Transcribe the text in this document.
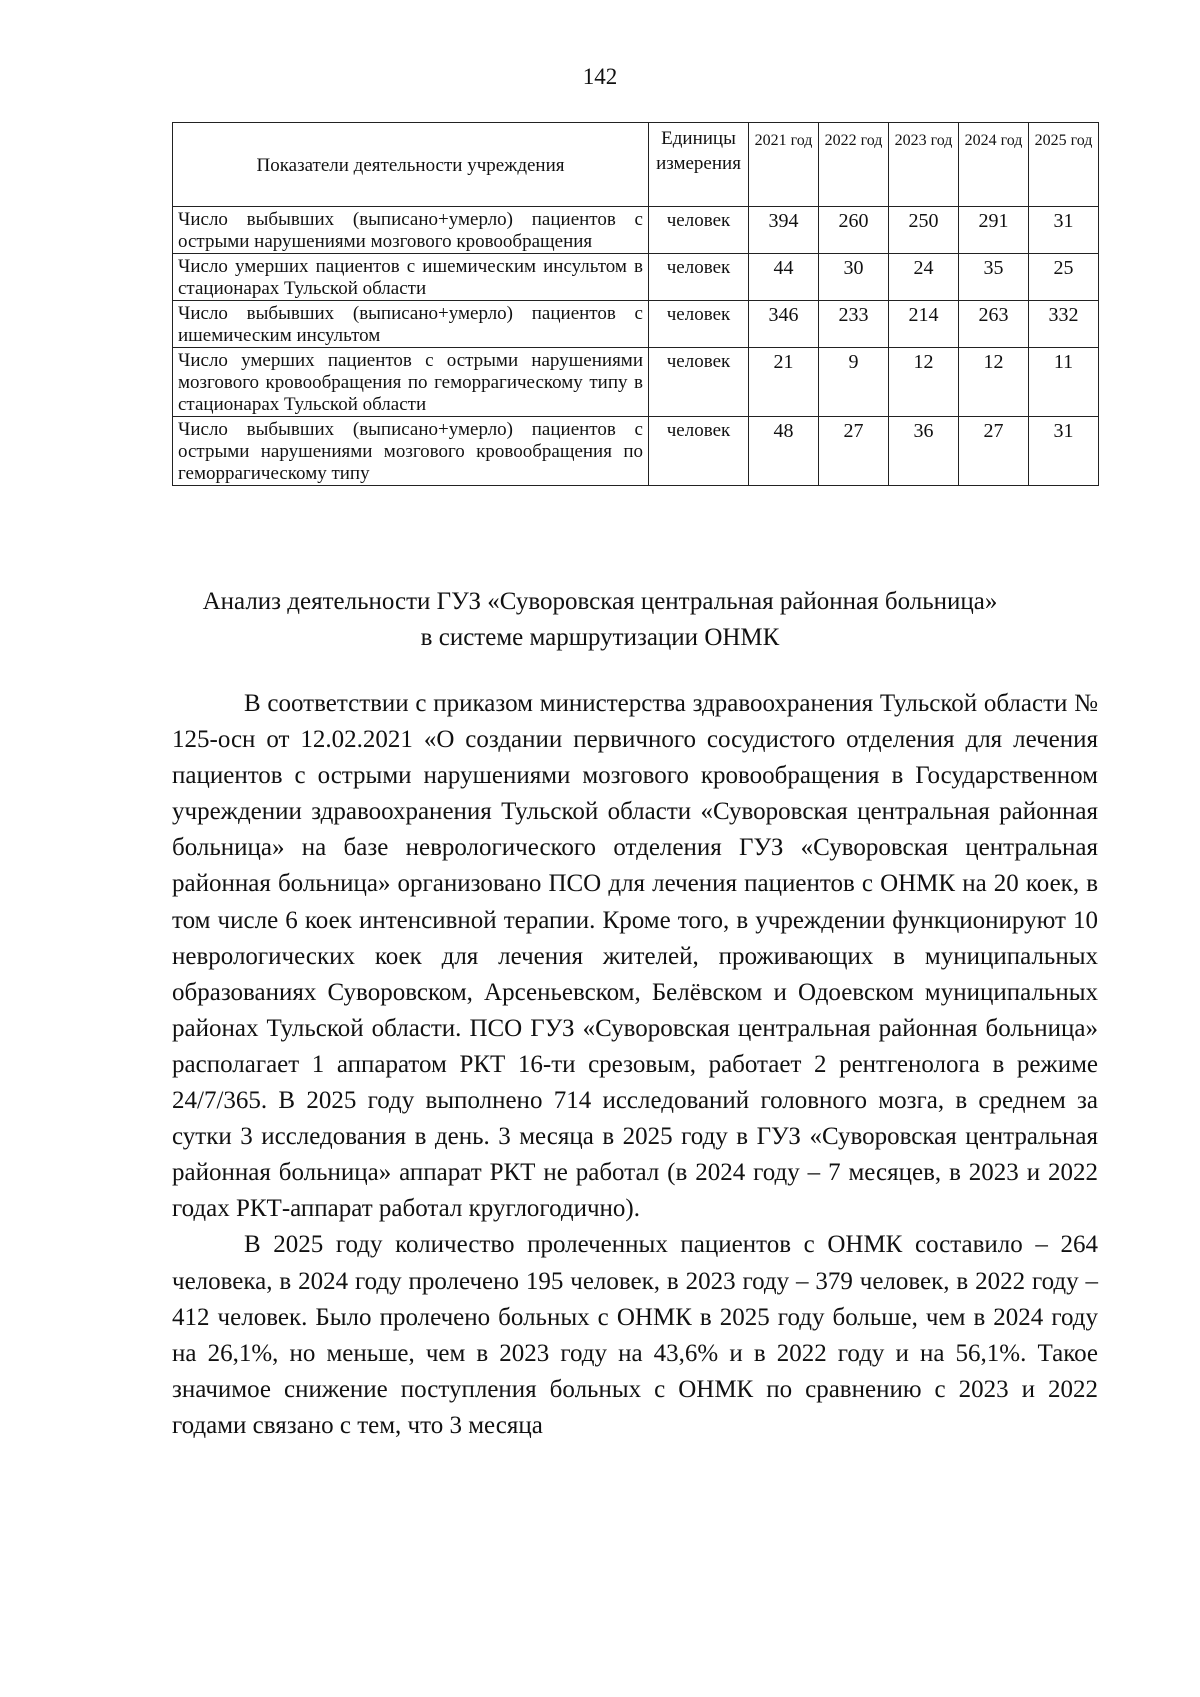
142
Показатели деятельности учреждения	Единицы измерения	2021 год	2022 год	2023 год	2024 год	2025 год
Число выбывших (выписано+умерло) пациентов с острыми нарушениями мозгового кровообращения	человек	394	260	250	291	31
Число умерших пациентов с ишемическим инсультом в стационарах Тульской области	человек	44	30	24	35	25
Число выбывших (выписано+умерло) пациентов с ишемическим инсультом	человек	346	233	214	263	332
Число умерших пациентов с острыми нарушениями мозгового кровообращения по геморрагическому типу в стационарах Тульской области	человек	21	9	12	12	11
Число выбывших (выписано+умерло) пациентов с острыми нарушениями мозгового кровообращения по геморрагическому типу	человек	48	27	36	27	31
Анализ деятельности ГУЗ «Суворовская центральная районная больница»
в системе маршрутизации ОНМК

В соответствии с приказом министерства здравоохранения Тульской области № 125-осн от 12.02.2021 «О создании первичного сосудистого отделения для лечения пациентов с острыми нарушениями мозгового кровообращения в Государственном учреждении здравоохранения Тульской области «Суворовская центральная районная больница» на базе неврологического отделения ГУЗ «Суворовская центральная районная больница» организовано ПСО для лечения пациентов с ОНМК на 20 коек, в том числе 6 коек интенсивной терапии. Кроме того, в учреждении функционируют 10 неврологических коек для лечения жителей, проживающих в муниципальных образованиях Суворовском, Арсеньевском, Белёвском и Одоевском муниципальных районах Тульской области. ПСО ГУЗ «Суворовская центральная районная больница» располагает 1 аппаратом РКТ 16-ти срезовым, работает 2 рентгенолога в режиме 24/7/365. В 2025 году выполнено 714 исследований головного мозга, в среднем за сутки 3 исследования в день. 3 месяца в 2025 году в ГУЗ «Суворовская центральная районная больница» аппарат РКТ не работал (в 2024 году – 7 месяцев, в 2023 и 2022 годах РКТ-аппарат работал круглогодично).

В 2025 году количество пролеченных пациентов с ОНМК составило – 264 человека, в 2024 году пролечено 195 человек, в 2023 году – 379 человек, в 2022 году – 412 человек. Было пролечено больных с ОНМК в 2025 году больше, чем в 2024 году на 26,1%, но меньше, чем в 2023 году на 43,6% и в 2022 году и на 56,1%. Такое значимое снижение поступления больных с ОНМК по сравнению с 2023 и 2022 годами связано с тем, что 3 месяца
